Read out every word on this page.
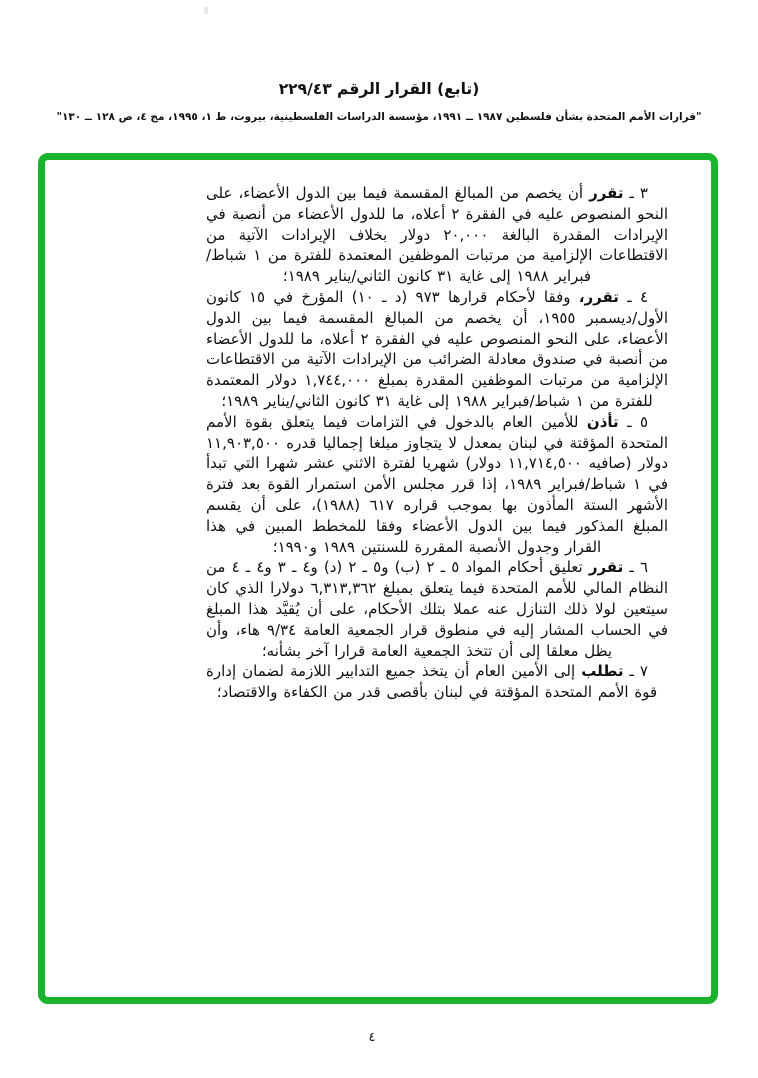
(تابع) القرار الرقم ٢٢٩/٤٣
"قرارات الأمم المتحدة بشأن فلسطين ١٩٨٧ ــ ١٩٩١، مؤسسة الدراسات الفلسطينية، بيروت، ط ١، ١٩٩٥، مج ٤، ص ١٢٨ ــ ١٣٠"

٣ ـ تقرر أن يخصم من المبالغ المقسمة فيما بين الدول الأعضاء، على النحو المنصوص عليه في الفقرة ٢ أعلاه، ما للدول الأعضاء من أنصبة في الإيرادات المقدرة البالغة ٢٠,٠٠٠ دولار بخلاف الإيرادات الآتية من الاقتطاعات الإلزامية من مرتبات الموظفين المعتمدة للفترة من ١ شباط/فبراير ١٩٨٨ إلى غاية ٣١ كانون الثاني/يناير ١٩٨٩؛

٤ ـ تقرر، وفقا لأحكام قرارها ٩٧٣ (د ـ ١٠) المؤرخ في ١٥ كانون الأول/ديسمبر ١٩٥٥، أن يخصم من المبالغ المقسمة فيما بين الدول الأعضاء، على النحو المنصوص عليه في الفقرة ٢ أعلاه، ما للدول الأعضاء من أنصبة في صندوق معادلة الضرائب من الإيرادات الآتية من الاقتطاعات الإلزامية من مرتبات الموظفين المقدرة بمبلغ ١,٧٤٤,٠٠٠ دولار المعتمدة للفترة من ١ شباط/فبراير ١٩٨٨ إلى غاية ٣١ كانون الثاني/يناير ١٩٨٩؛

٥ ـ تأذن للأمين العام بالدخول في التزامات فيما يتعلق بقوة الأمم المتحدة المؤقتة في لبنان بمعدل لا يتجاوز مبلغا إجماليا قدره ١١,٩٠٣,٥٠٠ دولار (صافيه ١١,٧١٤,٥٠٠ دولار) شهريا لفترة الاثني عشر شهرا التي تبدأ في ١ شباط/فبراير ١٩٨٩، إذا قرر مجلس الأمن استمرار القوة بعد فترة الأشهر الستة المأذون بها بموجب قراره ٦١٧ (١٩٨٨)، على أن يقسم المبلغ المذكور فيما بين الدول الأعضاء وفقا للمخطط المبين في هذا القرار وجدول الأنصبة المقررة للسنتين ١٩٨٩ و١٩٩٠؛

٦ ـ تقرر تعليق أحكام المواد ٥ ـ ٢ (ب) و٥ ـ ٢ (د) و٤ ـ ٣ و٤ ـ ٤ من النظام المالي للأمم المتحدة فيما يتعلق بمبلغ ٦,٣١٣,٣٦٢ دولارا الذي كان سيتعين لولا ذلك التنازل عنه عملا بتلك الأحكام، على أن يُقيَّد هذا المبلغ في الحساب المشار إليه في منطوق قرار الجمعية العامة ٩/٣٤ هاء، وأن يظل معلقا إلى أن تتخذ الجمعية العامة قرارا آخر بشأنه؛

٧ ـ تطلب إلى الأمين العام أن يتخذ جميع التدابير اللازمة لضمان إدارة قوة الأمم المتحدة المؤقتة في لبنان بأقصى قدر من الكفاءة والاقتصاد؛

٤
